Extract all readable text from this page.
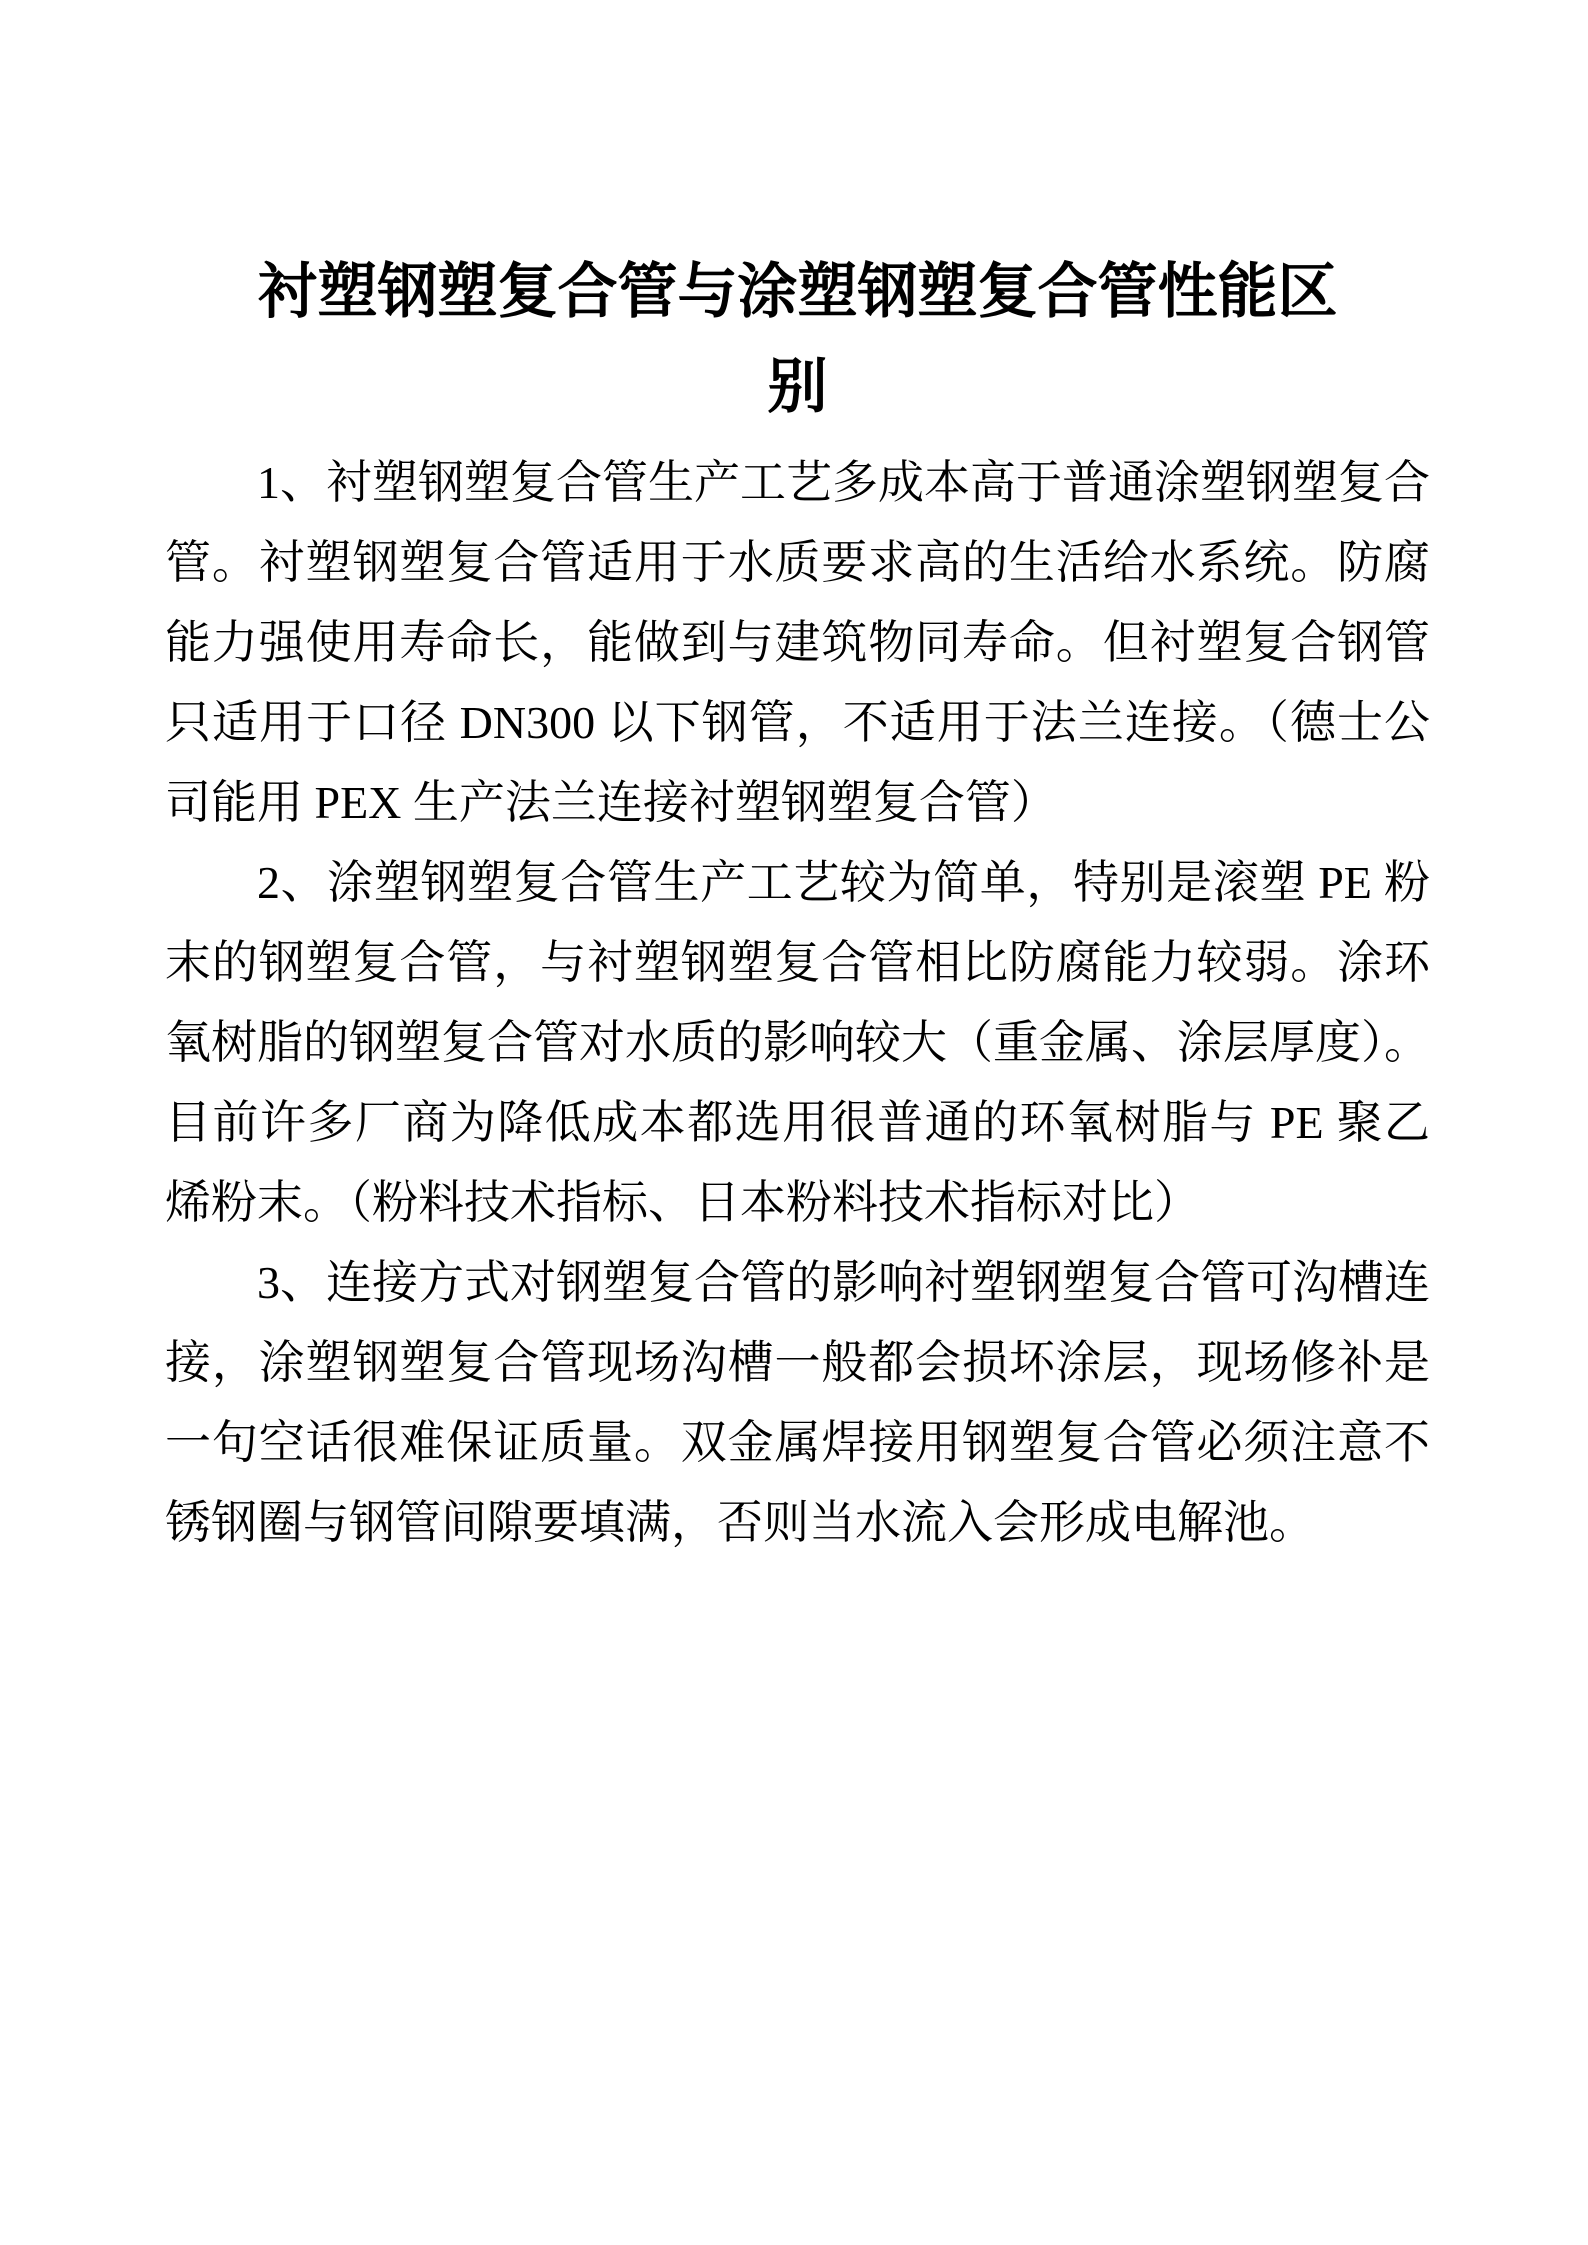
衬塑钢塑复合管与涂塑钢塑复合管性能区
别

1、衬塑钢塑复合管生产工艺多成本高于普通涂塑钢塑复合管。衬塑钢塑复合管适用于水质要求高的生活给水系统。防腐能力强使用寿命长，能做到与建筑物同寿命。但衬塑复合钢管只适用于口径 DN300 以下钢管，不适用于法兰连接。（德士公司能用 PEX 生产法兰连接衬塑钢塑复合管）

2、涂塑钢塑复合管生产工艺较为简单，特别是滚塑 PE 粉末的钢塑复合管，与衬塑钢塑复合管相比防腐能力较弱。涂环氧树脂的钢塑复合管对水质的影响较大（重金属、涂层厚度）。目前许多厂商为降低成本都选用很普通的环氧树脂与 PE 聚乙烯粉末。（粉料技术指标、日本粉料技术指标对比）

3、连接方式对钢塑复合管的影响衬塑钢塑复合管可沟槽连接，涂塑钢塑复合管现场沟槽一般都会损坏涂层，现场修补是一句空话很难保证质量。双金属焊接用钢塑复合管必须注意不锈钢圈与钢管间隙要填满，否则当水流入会形成电解池。
